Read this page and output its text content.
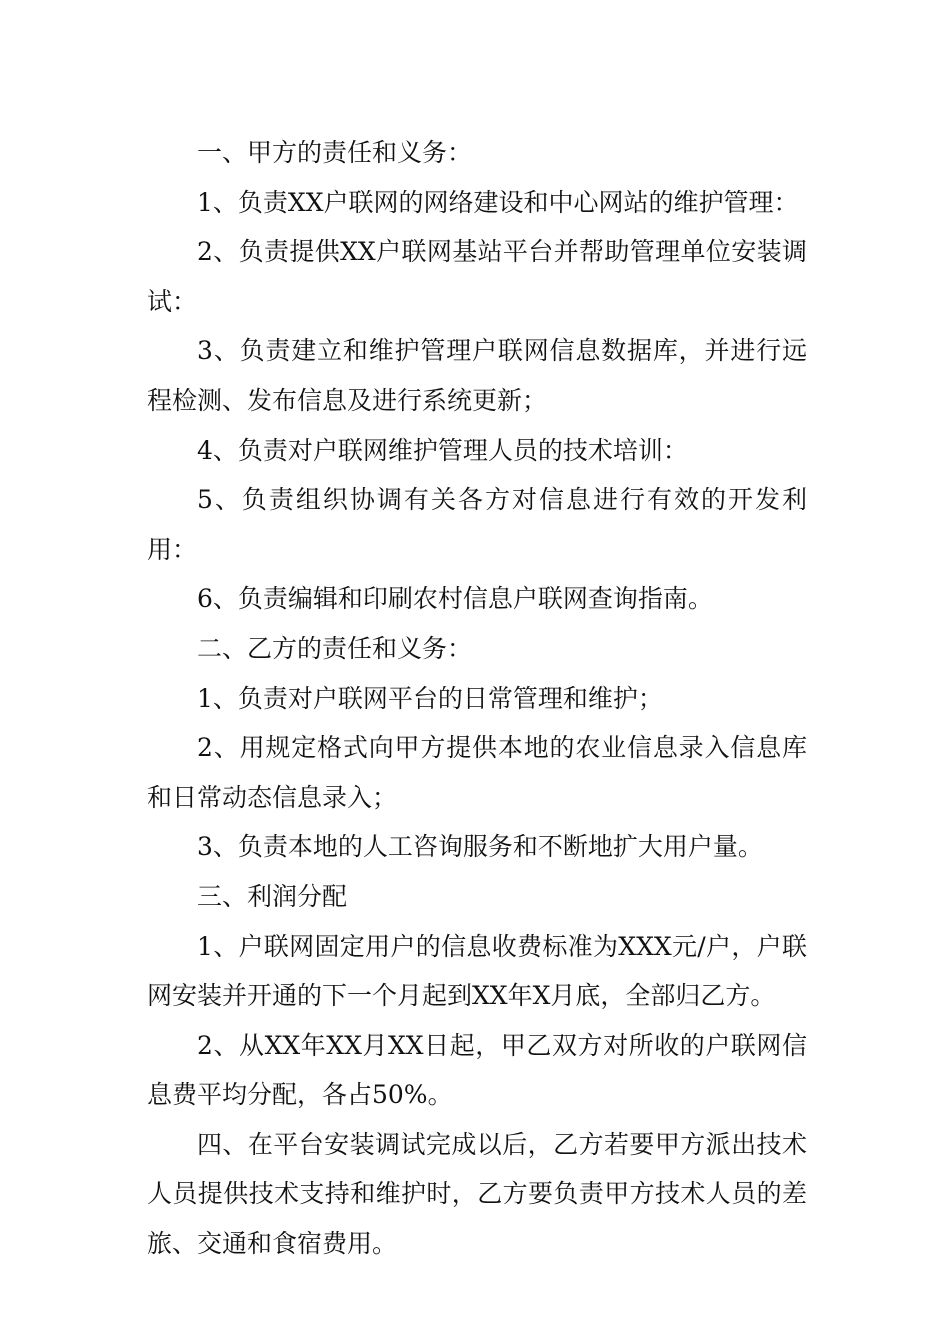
一、甲方的责任和义务：

1、负责XX户联网的网络建设和中心网站的维护管理：

2、负责提供XX户联网基站平台并帮助管理单位安装调试：

3、负责建立和维护管理户联网信息数据库，并进行远程检测、发布信息及进行系统更新；

4、负责对户联网维护管理人员的技术培训：

5、负责组织协调有关各方对信息进行有效的开发利用：

6、负责编辑和印刷农村信息户联网查询指南。

二、乙方的责任和义务：

1、负责对户联网平台的日常管理和维护；

2、用规定格式向甲方提供本地的农业信息录入信息库和日常动态信息录入；

3、负责本地的人工咨询服务和不断地扩大用户量。

三、利润分配

1、户联网固定用户的信息收费标准为XXX元/户，户联网安装并开通的下一个月起到XX年X月底，全部归乙方。

2、从XX年XX月XX日起，甲乙双方对所收的户联网信息费平均分配，各占50%。

四、在平台安装调试完成以后，乙方若要甲方派出技术人员提供技术支持和维护时，乙方要负责甲方技术人员的差旅、交通和食宿费用。
